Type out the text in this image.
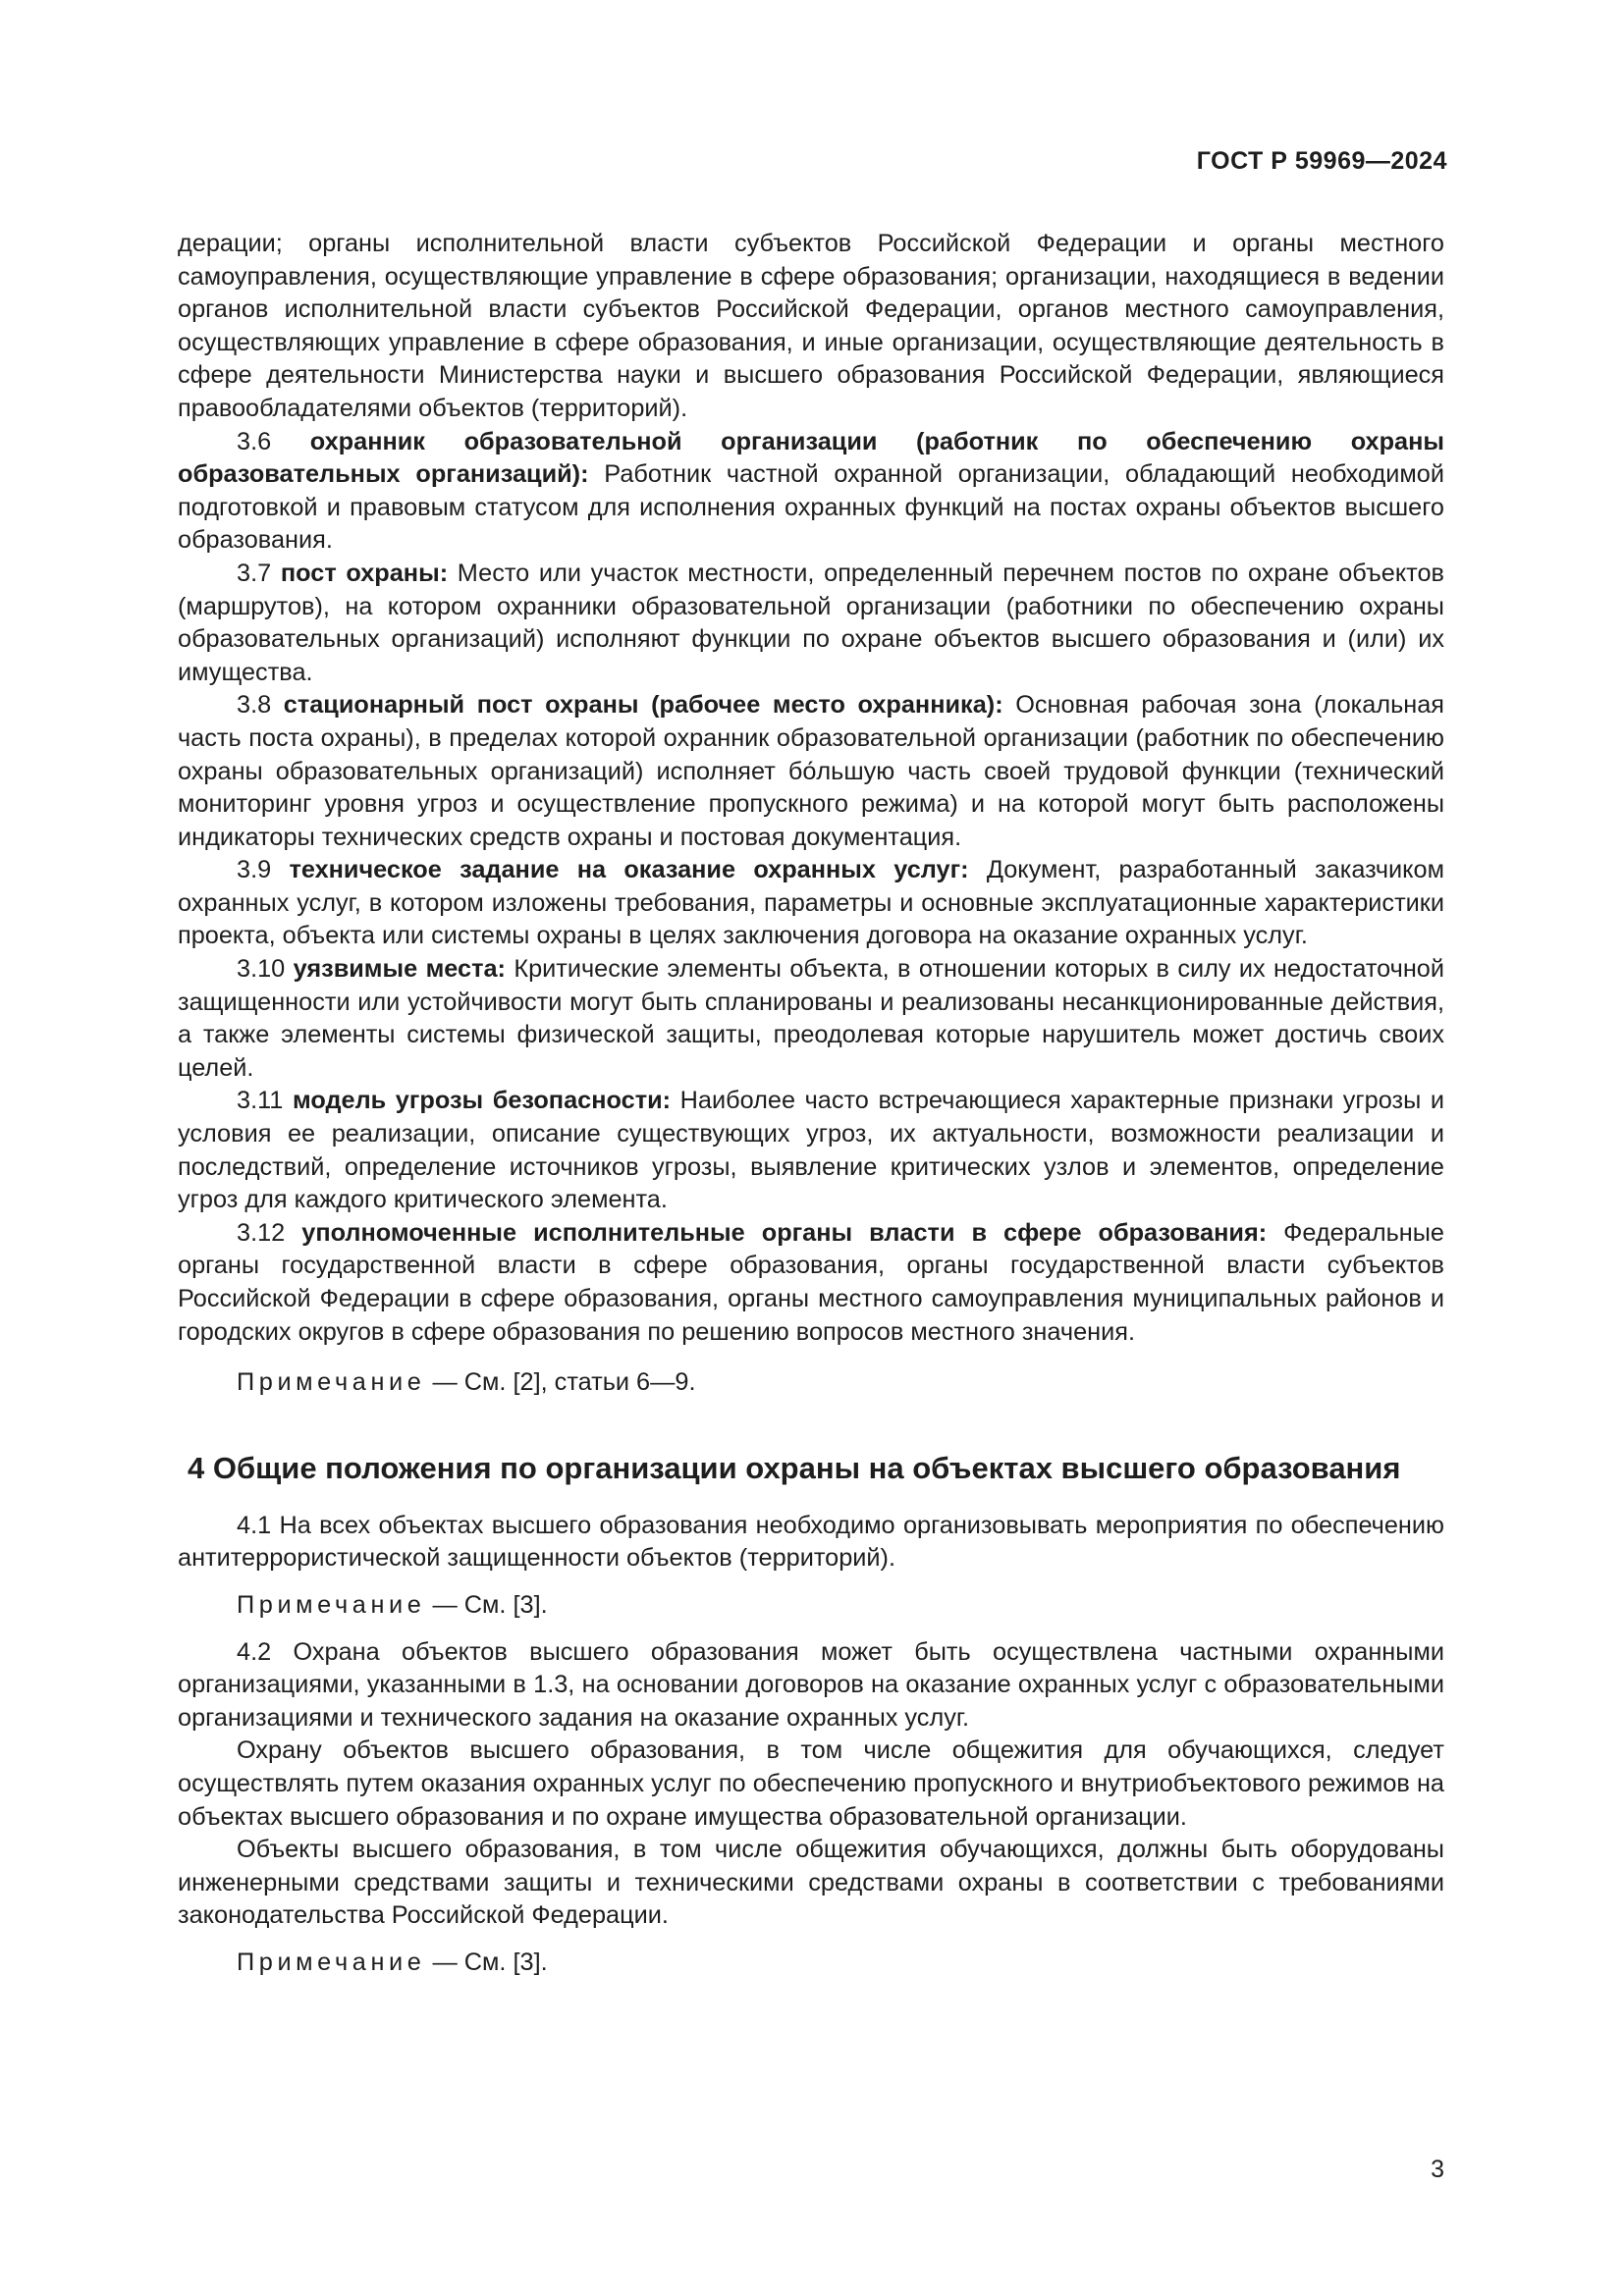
ГОСТ Р 59969—2024

дерации; органы исполнительной власти субъектов Российской Федерации и органы местного самоуправления, осуществляющие управление в сфере образования; организации, находящиеся в ведении органов исполнительной власти субъектов Российской Федерации, органов местного самоуправления, осуществляющих управление в сфере образования, и иные организации, осуществляющие деятельность в сфере деятельности Министерства науки и высшего образования Российской Федерации, являющиеся правообладателями объектов (территорий).

3.6 охранник образовательной организации (работник по обеспечению охраны образовательных организаций): Работник частной охранной организации, обладающий необходимой подготовкой и правовым статусом для исполнения охранных функций на постах охраны объектов высшего образования.

3.7 пост охраны: Место или участок местности, определенный перечнем постов по охране объектов (маршрутов), на котором охранники образовательной организации (работники по обеспечению охраны образовательных организаций) исполняют функции по охране объектов высшего образования и (или) их имущества.

3.8 стационарный пост охраны (рабочее место охранника): Основная рабочая зона (локальная часть поста охраны), в пределах которой охранник образовательной организации (работник по обеспечению охраны образовательных организаций) исполняет бо́льшую часть своей трудовой функции (технический мониторинг уровня угроз и осуществление пропускного режима) и на которой могут быть расположены индикаторы технических средств охраны и постовая документация.

3.9 техническое задание на оказание охранных услуг: Документ, разработанный заказчиком охранных услуг, в котором изложены требования, параметры и основные эксплуатационные характеристики проекта, объекта или системы охраны в целях заключения договора на оказание охранных услуг.

3.10 уязвимые места: Критические элементы объекта, в отношении которых в силу их недостаточной защищенности или устойчивости могут быть спланированы и реализованы несанкционированные действия, а также элементы системы физической защиты, преодолевая которые нарушитель может достичь своих целей.

3.11 модель угрозы безопасности: Наиболее часто встречающиеся характерные признаки угрозы и условия ее реализации, описание существующих угроз, их актуальности, возможности реализации и последствий, определение источников угрозы, выявление критических узлов и элементов, определение угроз для каждого критического элемента.

3.12 уполномоченные исполнительные органы власти в сфере образования: Федеральные органы государственной власти в сфере образования, органы государственной власти субъектов Российской Федерации в сфере образования, органы местного самоуправления муниципальных районов и городских округов в сфере образования по решению вопросов местного значения.

Примечание — См. [2], статьи 6—9.

4 Общие положения по организации охраны на объектах высшего образования

4.1 На всех объектах высшего образования необходимо организовывать мероприятия по обеспечению антитеррористической защищенности объектов (территорий).

Примечание — См. [3].

4.2 Охрана объектов высшего образования может быть осуществлена частными охранными организациями, указанными в 1.3, на основании договоров на оказание охранных услуг с образовательными организациями и технического задания на оказание охранных услуг.

Охрану объектов высшего образования, в том числе общежития для обучающихся, следует осуществлять путем оказания охранных услуг по обеспечению пропускного и внутриобъектового режимов на объектах высшего образования и по охране имущества образовательной организации.

Объекты высшего образования, в том числе общежития обучающихся, должны быть оборудованы инженерными средствами защиты и техническими средствами охраны в соответствии с требованиями законодательства Российской Федерации.

Примечание — См. [3].

3
